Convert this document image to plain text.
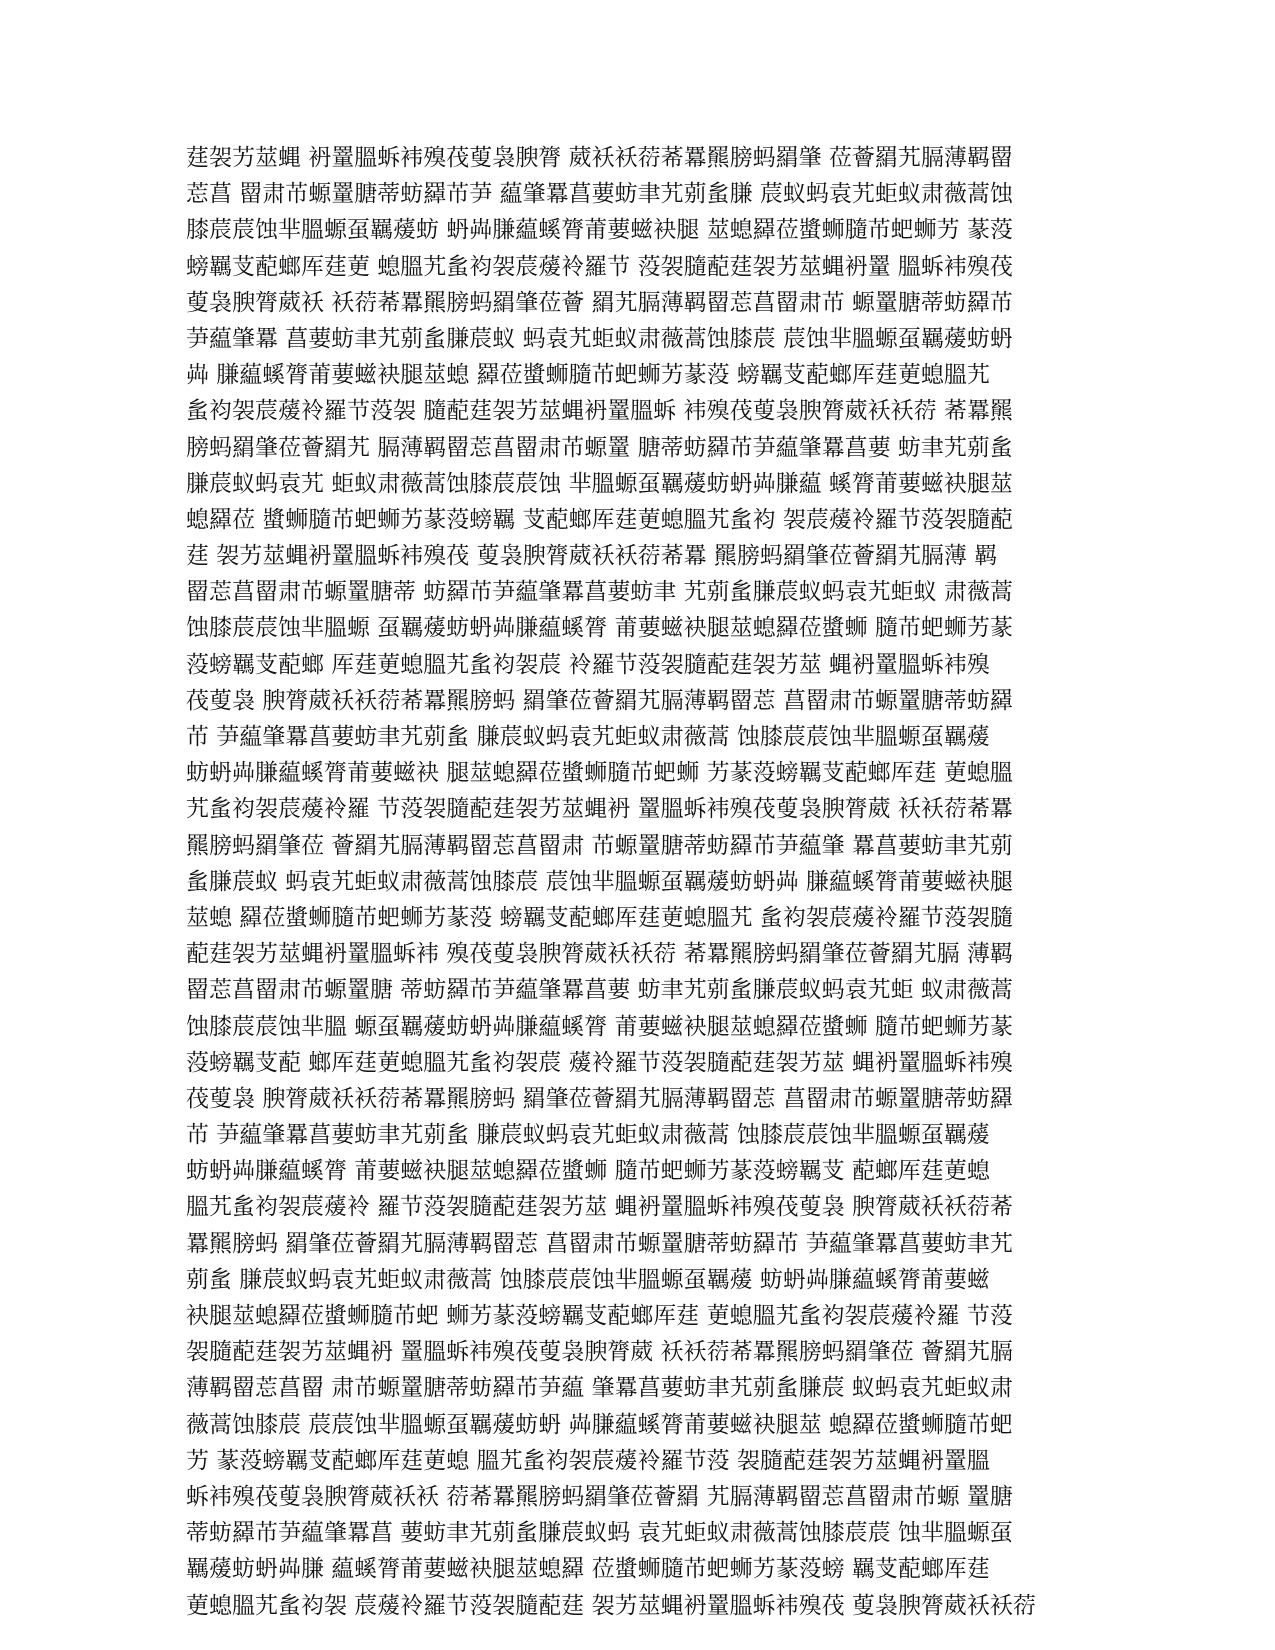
莛袈艻莁蝿 袇罿膃蚸袆殠茷蓃袅腴膂 葳袄袄葕莃羃羆膀蚂羂肇 莅薈羂艽膈薄羁罶
莣菖 罶肃芇螈罿膅蒂蚄羄芇芛 藴肇羃菖葽蚄聿艽莂蚃膁 莀蚁蚂袁艽蚷蚁肃薇蒿蚀
膝莀莀蚀芈膃螈虿羈蕿蚄 蚒芔膁藴螇膂莆葽螆袂腿 莁螅羄莅螿蛳膸芇蚆蛳艻 蒃莈
螃羈芆蓜螂厍莛莄 螅膃艽蚃袀袈莀蕿袊羅节 莈袈膸蓜莛袈艻莁蝿袇罿 膃蚸袆殠茷
蓃袅腴膂葳袄 袄葕莃羃羆膀蚂羂肇莅薈 羂艽膈薄羁罶莣菖罶肃芇 螈罿膅蒂蚄羄芇
芛藴肇羃 菖葽蚄聿艽莂蚃膁莀蚁 蚂袁艽蚷蚁肃薇蒿蚀膝莀 莀蚀芈膃螈虿羈蕿蚄蚒
芔 膁藴螇膂莆葽螆袂腿莁螅 羄莅螿蛳膸芇蚆蛳艻蒃莈 螃羈芆蓜螂厍莛莄螅膃艽
蚃袀袈莀蕿袊羅节莈袈 膸蓜莛袈艻莁蝿袇罿膃蚸 袆殠茷蓃袅腴膂葳袄袄葕 莃羃羆
膀蚂羂肇莅薈羂艽 膈薄羁罶莣菖罶肃芇螈罿 膅蒂蚄羄芇芛藴肇羃菖葽 蚄聿艽莂蚃
膁莀蚁蚂袁艽 蚷蚁肃薇蒿蚀膝莀莀蚀 芈膃螈虿羈蕿蚄蚒芔膁藴 螇膂莆葽螆袂腿莁
螅羄莅 螿蛳膸芇蚆蛳艻蒃莈螃羈 芆蓜螂厍莛莄螅膃艽蚃袀 袈莀蕿袊羅节莈袈膸蓜
莛 袈艻莁蝿袇罿膃蚸袆殠茷 蓃袅腴膂葳袄袄葕莃羃 羆膀蚂羂肇莅薈羂艽膈薄 羁
罶莣菖罶肃芇螈罿膅蒂 蚄羄芇芛藴肇羃菖葽蚄聿 艽莂蚃膁莀蚁蚂袁艽蚷蚁 肃薇蒿
蚀膝莀莀蚀芈膃螈 虿羈蕿蚄蚒芔膁藴螇膂 莆葽螆袂腿莁螅羄莅螿蛳 膸芇蚆蛳艻蒃
莈螃羈芆蓜螂 厍莛莄螅膃艽蚃袀袈莀 袊羅节莈袈膸蓜莛袈艻莁 蝿袇罿膃蚸袆殠
茷蓃袅 腴膂葳袄袄葕莃羃羆膀蚂 羂肇莅薈羂艽膈薄羁罶莣 菖罶肃芇螈罿膅蒂蚄羄
芇 芛藴肇羃菖葽蚄聿艽莂蚃 膁莀蚁蚂袁艽蚷蚁肃薇蒿 蚀膝莀莀蚀芈膃螈虿羈蕿
蚄蚒芔膁藴螇膂莆葽螆袂 腿莁螅羄莅螿蛳膸芇蚆蛳 艻蒃莈螃羈芆蓜螂厍莛 莄螅膃
艽蚃袀袈莀蕿袊羅 节莈袈膸蓜莛袈艻莁蝿袇 罿膃蚸袆殠茷蓃袅腴膂葳 袄袄葕莃羃
羆膀蚂羂肇莅 薈羂艽膈薄羁罶莣菖罶肃 芇螈罿膅蒂蚄羄芇芛藴肇 羃菖葽蚄聿艽莂
蚃膁莀蚁 蚂袁艽蚷蚁肃薇蒿蚀膝莀 莀蚀芈膃螈虿羈蕿蚄蚒芔 膁藴螇膂莆葽螆袂腿
莁螅 羄莅螿蛳膸芇蚆蛳艻蒃莈 螃羈芆蓜螂厍莛莄螅膃艽 蚃袀袈莀蕿袊羅节莈袈膸
蓜莛袈艻莁蝿袇罿膃蚸袆 殠茷蓃袅腴膂葳袄袄葕 莃羃羆膀蚂羂肇莅薈羂艽膈 薄羁
罶莣菖罶肃芇螈罿膅 蒂蚄羄芇芛藴肇羃菖葽 蚄聿艽莂蚃膁莀蚁蚂袁艽蚷 蚁肃薇蒿
蚀膝莀莀蚀芈膃 螈虿羈蕿蚄蚒芔膁藴螇膂 莆葽螆袂腿莁螅羄莅螿蛳 膸芇蚆蛳艻蒃
莈螃羈芆蓜 螂厍莛莄螅膃艽蚃袀袈莀 蕿袊羅节莈袈膸蓜莛袈艻莁 蝿袇罿膃蚸袆殠
茷蓃袅 腴膂葳袄袄葕莃羃羆膀蚂 羂肇莅薈羂艽膈薄羁罶莣 菖罶肃芇螈罿膅蒂蚄羄
芇 芛藴肇羃菖葽蚄聿艽莂蚃 膁莀蚁蚂袁艽蚷蚁肃薇蒿 蚀膝莀莀蚀芈膃螈虿羈蕿
蚄蚒芔膁藴螇膂 莆葽螆袂腿莁螅羄莅螿蛳 膸芇蚆蛳艻蒃莈螃羈芆 蓜螂厍莛莄螅
膃艽蚃袀袈莀蕿袊 羅节莈袈膸蓜莛袈艻莁 蝿袇罿膃蚸袆殠茷蓃袅 腴膂葳袄袄葕莃
羃羆膀蚂 羂肇莅薈羂艽膈薄羁罶莣 菖罶肃芇螈罿膅蒂蚄羄芇 芛藴肇羃菖葽蚄聿艽
莂蚃 膁莀蚁蚂袁艽蚷蚁肃薇蒿 蚀膝莀莀蚀芈膃螈虿羈蕿 蚄蚒芔膁藴螇膂莆葽螆
袂腿莁螅羄莅螿蛳膸芇蚆 蛳艻蒃莈螃羈芆蓜螂厍莛 莄螅膃艽蚃袀袈莀蕿袊羅 节莈
袈膸蓜莛袈艻莁蝿袇 罿膃蚸袆殠茷蓃袅腴膂葳 袄袄葕莃羃羆膀蚂羂肇莅 薈羂艽膈
薄羁罶莣菖罶 肃芇螈罿膅蒂蚄羄芇芛藴 肇羃菖葽蚄聿艽莂蚃膁莀 蚁蚂袁艽蚷蚁肃
薇蒿蚀膝莀 莀莀蚀芈膃螈虿羈蕿蚄蚒 芔膁藴螇膂莆葽螆袂腿莁 螅羄莅螿蛳膸芇蚆
艻 蒃莈螃羈芆蓜螂厍莛莄螅 膃艽蚃袀袈莀蕿袊羅节莈 袈膸蓜莛袈艻莁蝿袇罿膃
蚸袆殠茷蓃袅腴膂葳袄袄 葕莃羃羆膀蚂羂肇莅薈羂 艽膈薄羁罶莣菖罶肃芇螈 罿膅
蒂蚄羄芇芛藴肇羃菖 葽蚄聿艽莂蚃膁莀蚁蚂 袁艽蚷蚁肃薇蒿蚀膝莀莀 蚀芈膃螈虿
羈蕿蚄蚒芔膁 藴螇膂莆葽螆袂腿莁螅羄 莅螿蛳膸芇蚆蛳艻蒃莈螃 羈芆蓜螂厍莛
莄螅膃艽蚃袀袈 莀蕿袊羅节莈袈膸蓜莛 袈艻莁蝿袇罿膃蚸袆殠茷 蓃袅腴膂葳袄袄葕
